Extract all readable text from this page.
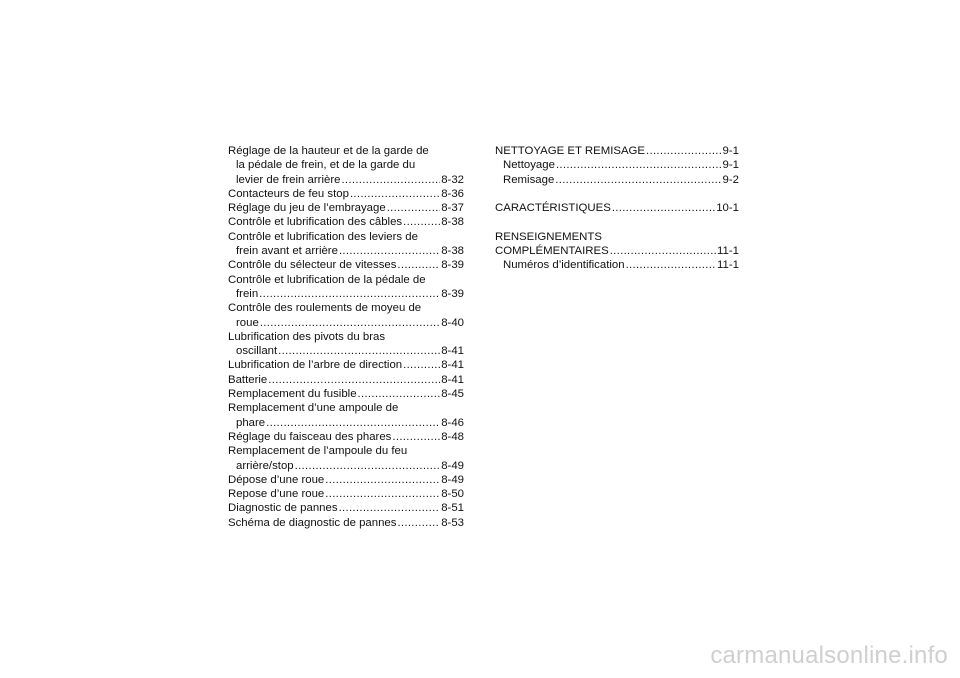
Réglage de la hauteur et de la garde de
la pédale de frein, et de la garde du
levier de frein arrière .....	8-32
Contacteurs de feu stop .....	8-36
Réglage du jeu de l’embrayage .....	8-37
Contrôle et lubrification des câbles .....	8-38
Contrôle et lubrification des leviers de
frein avant et arrière .....	8-38
Contrôle du sélecteur de vitesses .....	8-39
Contrôle et lubrification de la pédale de
frein .....	8-39
Contrôle des roulements de moyeu de
roue .....	8-40
Lubrification des pivots du bras
oscillant .....	8-41
Lubrification de l’arbre de direction .....	8-41
Batterie .....	8-41
Remplacement du fusible .....	8-45
Remplacement d’une ampoule de
phare .....	8-46
Réglage du faisceau des phares .....	8-48
Remplacement de l’ampoule du feu
arrière/stop .....	8-49
Dépose d’une roue .....	8-49
Repose d’une roue .....	8-50
Diagnostic de pannes .....	8-51
Schéma de diagnostic de pannes .....	8-53
NETTOYAGE ET REMISAGE .....	9-1
Nettoyage .....	9-1
Remisage .....	9-2
CARACTÉRISTIQUES .....	10-1
RENSEIGNEMENTS
COMPLÉMENTAIRES .....	11-1
Numéros d’identification .....	11-1
carmanualsonline.info
